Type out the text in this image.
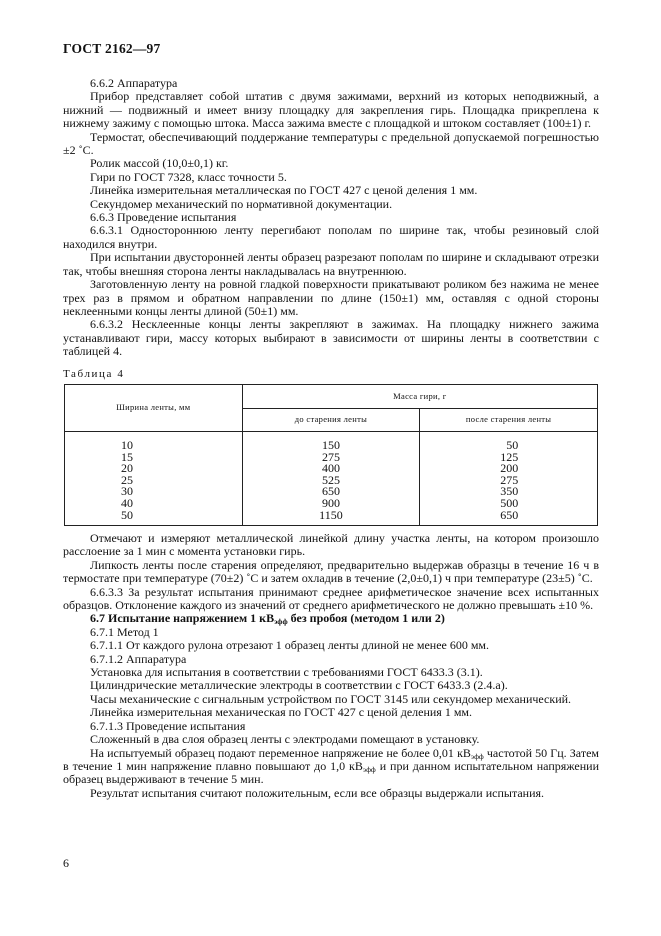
ГОСТ 2162—97

6.6.2 Аппаратура

Прибор представляет собой штатив с двумя зажимами, верхний из которых неподвижный, а нижний — подвижный и имеет внизу площадку для закрепления гирь. Площадка прикреплена к нижнему зажиму с помощью штока. Масса зажима вместе с площадкой и штоком составляет (100±1) г.

Термостат, обеспечивающий поддержание температуры с предельной допускаемой погрешностью ±2 ˚С.

Ролик массой (10,0±0,1) кг.

Гири по ГОСТ 7328, класс точности 5.

Линейка измерительная металлическая по ГОСТ 427 с ценой деления 1 мм.

Секундомер механический по нормативной документации.

6.6.3 Проведение испытания

6.6.3.1 Одностороннюю ленту перегибают пополам по ширине так, чтобы резиновый слой находился внутри.

При испытании двусторонней ленты образец разрезают пополам по ширине и складывают отрезки так, чтобы внешняя сторона ленты накладывалась на внутреннюю.

Заготовленную ленту на ровной гладкой поверхности прикатывают роликом без нажима не менее трех раз в прямом и обратном направлении по длине (150±1) мм, оставляя с одной стороны неклеенными концы ленты длиной (50±1) мм.

6.6.3.2 Несклеенные концы ленты закрепляют в зажимах. На площадку нижнего зажима устанавливают гири, массу которых выбирают в зависимости от ширины ленты в соответствии с таблицей 4.

Таблица 4
Ширина ленты, мм	Масса гири, г	
	до старения ленты	после старения ленты
10	150	50
15	275	125
20	400	200
25	525	275
30	650	350
40	900	500
50	1150	650

Отмечают и измеряют металлической линейкой длину участка ленты, на котором произошло расслоение за 1 мин с момента установки гирь.

Липкость ленты после старения определяют, предварительно выдержав образцы в течение 16 ч в термостате при температуре (70±2) ˚С и затем охладив в течение (2,0±0,1) ч при температуре (23±5) ˚С.

6.6.3.3 За результат испытания принимают среднее арифметическое значение всех испытанных образцов. Отклонение каждого из значений от среднего арифметического не должно превышать ±10 %.

6.7 Испытание напряжением 1 $кВ_{эфф}$ без пробоя (методом 1 или 2)

6.7.1 Метод 1

6.7.1.1 От каждого рулона отрезают 1 образец ленты длиной не менее 600 мм.

6.7.1.2 Аппаратура

Установка для испытания в соответствии с требованиями ГОСТ 6433.3 (3.1).

Цилиндрические металлические электроды в соответствии с ГОСТ 6433.3 (2.4.а).

Часы механические с сигнальным устройством по ГОСТ 3145 или секундомер механический.

Линейка измерительная механическая по ГОСТ 427 с ценой деления 1 мм.

6.7.1.3 Проведение испытания

Сложенный в два слоя образец ленты с электродами помещают в установку.

На испытуемый образец подают переменное напряжение не более 0,01 $кВ_{эфф}$ частотой 50 Гц. Затем в течение 1 мин напряжение плавно повышают до 1,0 $кВ_{эфф}$ и при данном испытательном напряжении образец выдерживают в течение 5 мин.

Результат испытания считают положительным, если все образцы выдержали испытания.

6
